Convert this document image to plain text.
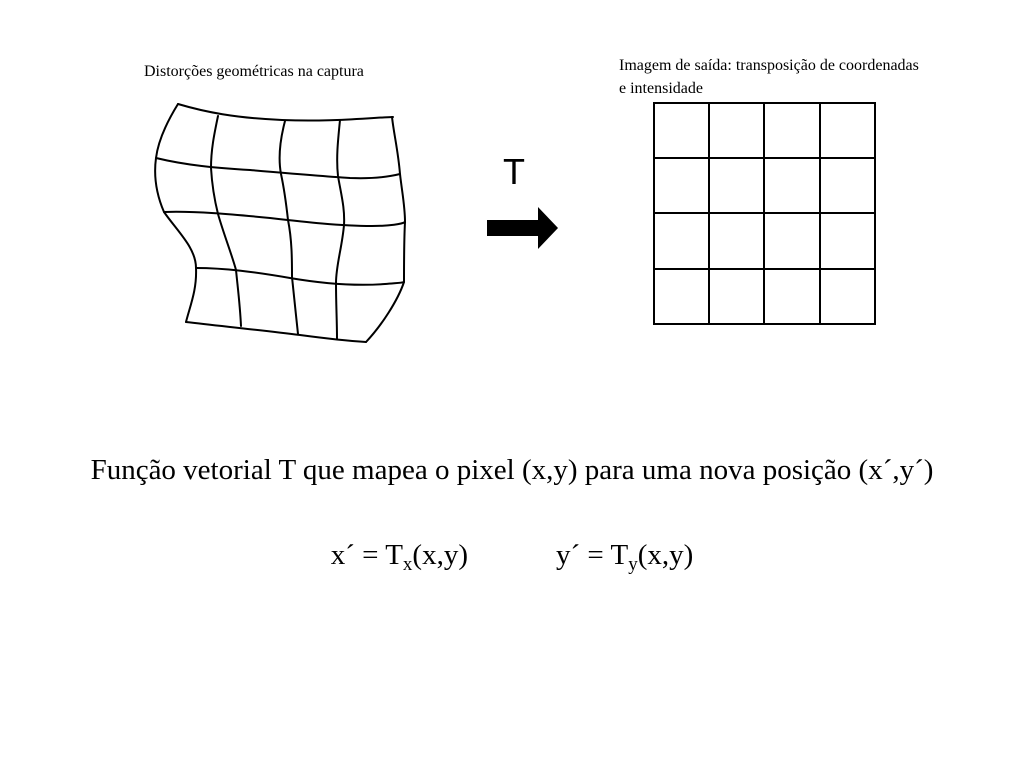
Distorções geométricas na captura	Imagem de saída: transposição de coordenadas e intensidade
T
Função vetorial T que mapea o pixel (x,y) para uma nova posição (x´,y´)
x´ = $T_x(x,y)$	y´ = $T_y(x,y)$
